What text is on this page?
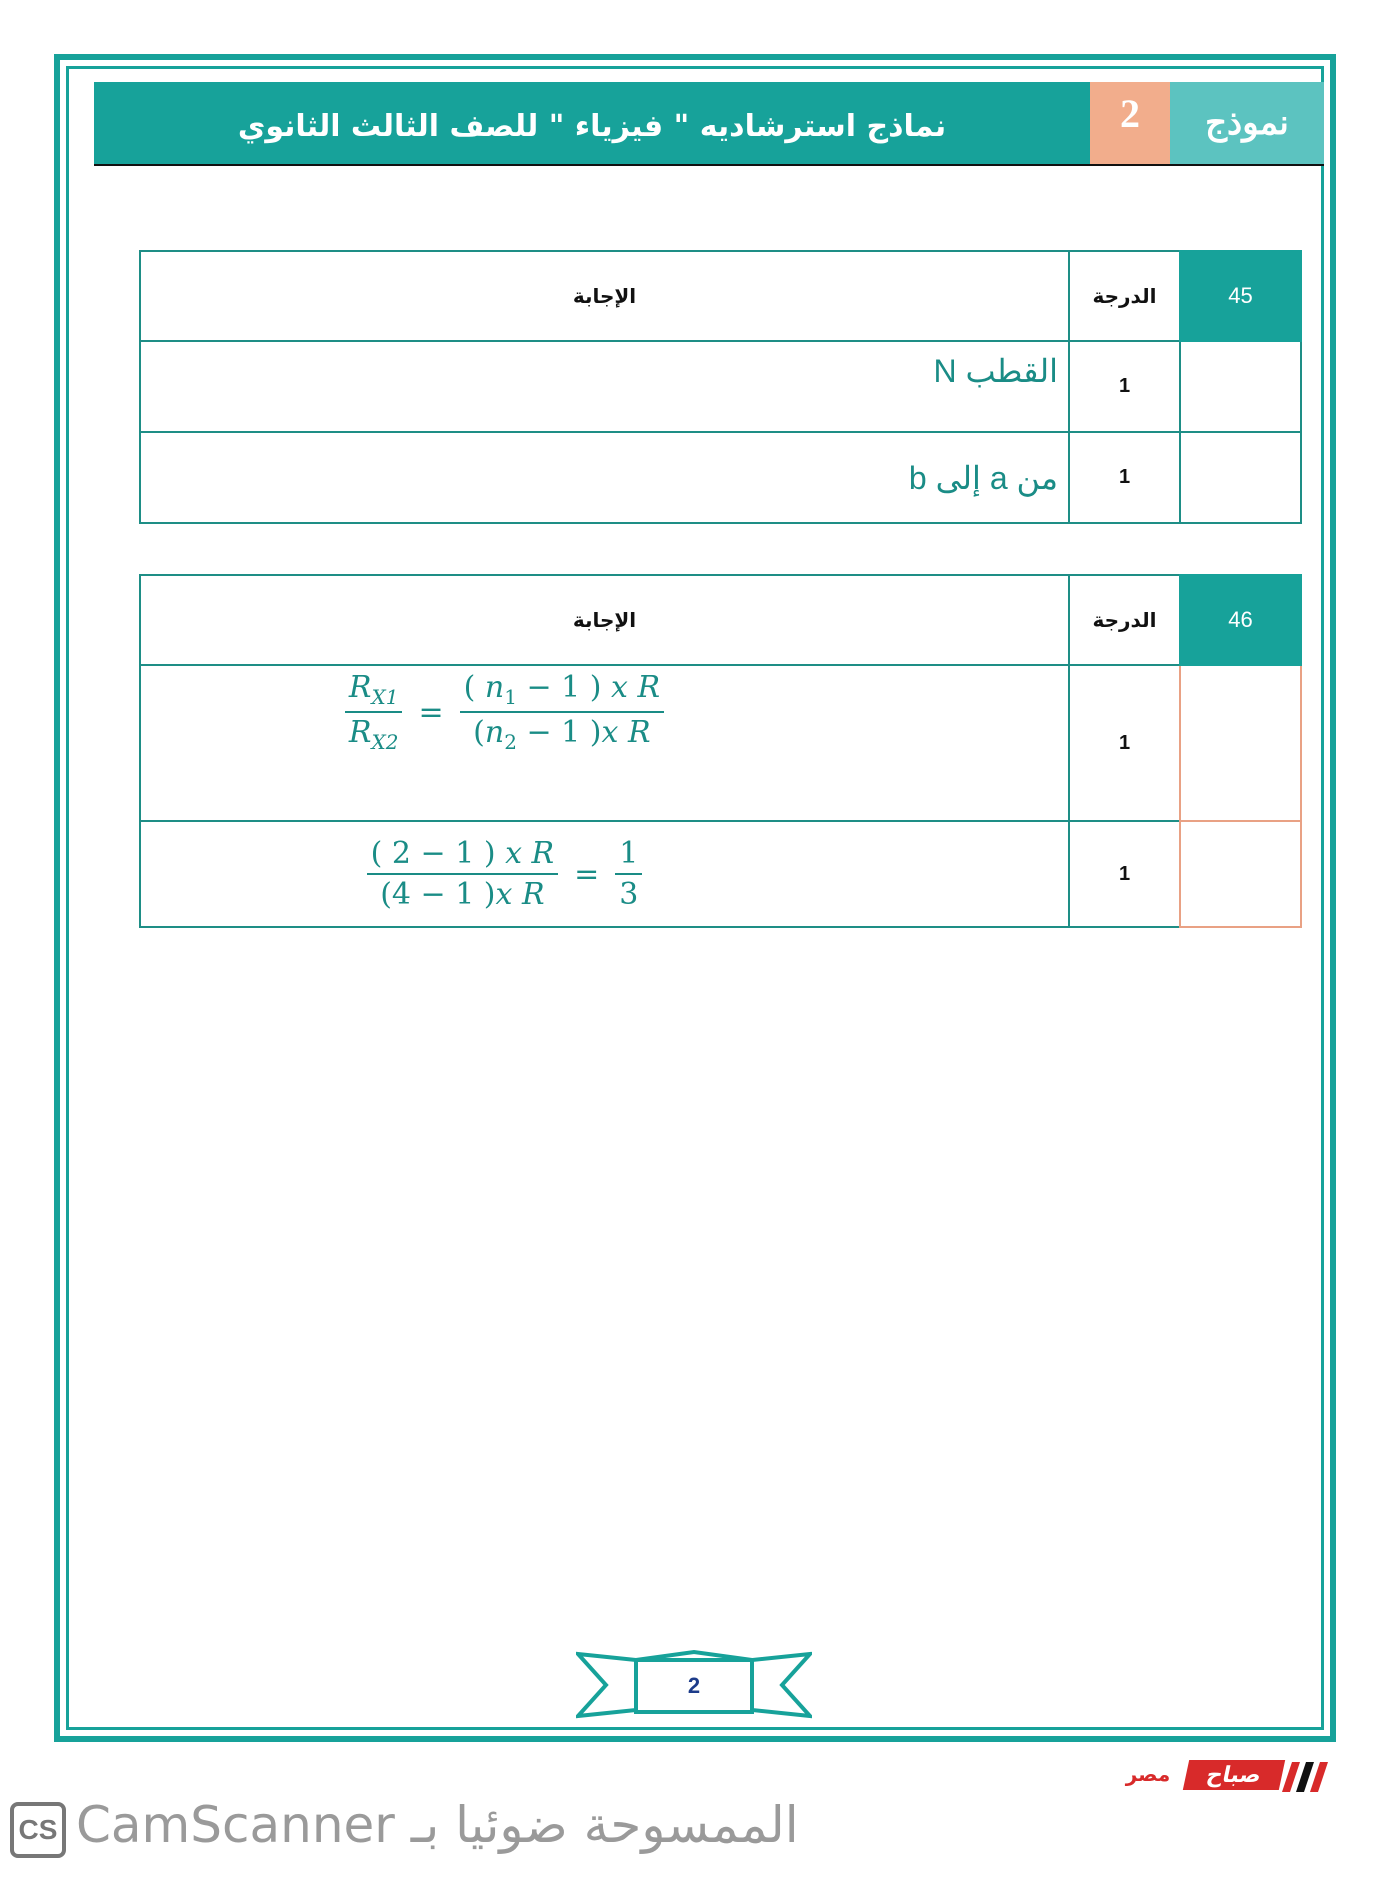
نموذج
2
نماذج استرشاديه " فيزياء " للصف الثالث الثانوي
45	الدرجة	الإجابة
	1	القطب N
	1	من a إلى b
46	الدرجة	الإجابة
	1	$\frac{R_{X1}}{R_{X2}} = \frac{( n_1 - 1 ) x R}{(n_2 - 1 )x R}$

	1	$\frac{\text{( 2 − 1 ) x R}}{\text{(4 − 1 )x R}} = \frac{1}{3}$
2
صباح
مصر
CS الممسوحة ضوئيا بـ CamScanner
